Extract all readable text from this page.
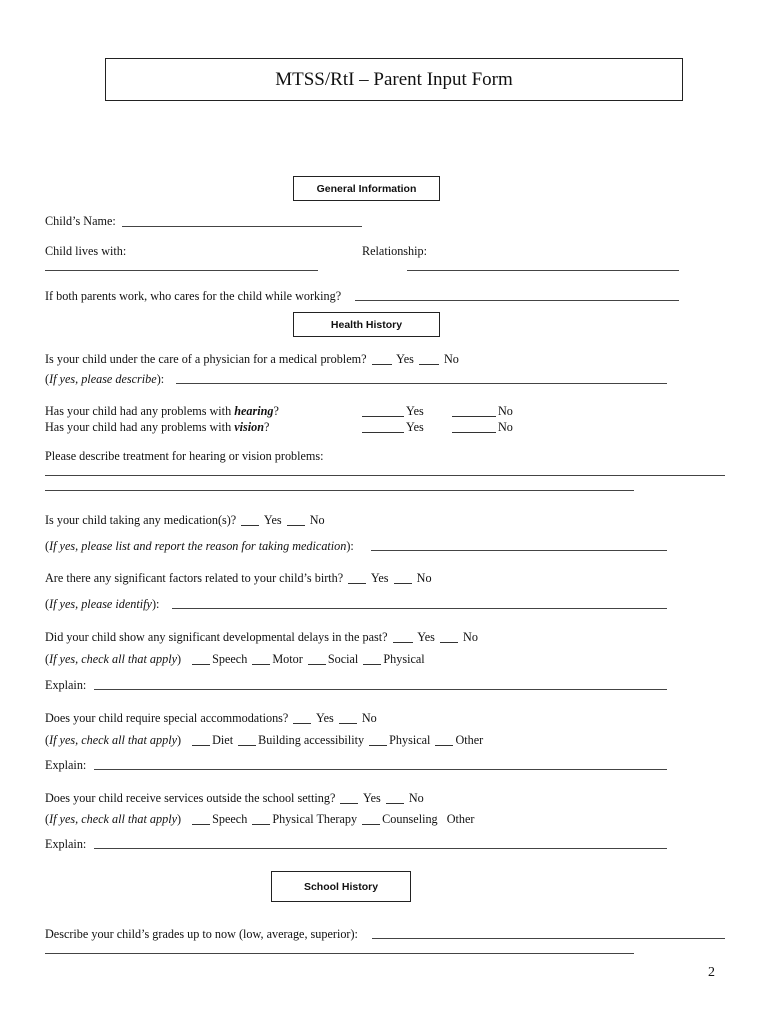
MTSS/RtI – Parent Input Form
General Information
Child’s Name:
Child lives with:	Relationship:
If both parents work, who cares for the child while working?
Health History
Is your child under the care of a physician for a medical problem? Yes No
(If yes, please describe):
Has your child had any problems with hearing?	Yes	No
Has your child had any problems with vision?	Yes	No
Please describe treatment for hearing or vision problems:
Is your child taking any medication(s)? Yes No
(If yes, please list and report the reason for taking medication):
Are there any significant factors related to your child’s birth? Yes No
(If yes, please identify):
Did your child show any significant developmental delays in the past? Yes No
(If yes, check all that apply) Speech Motor Social Physical
Explain:
Does your child require special accommodations? Yes No
(If yes, check all that apply) Diet Building accessibility Physical Other
Explain:
Does your child receive services outside the school setting? Yes No
(If yes, check all that apply) Speech Physical Therapy Counseling Other
Explain:
School History
Describe your child’s grades up to now (low, average, superior):
2
